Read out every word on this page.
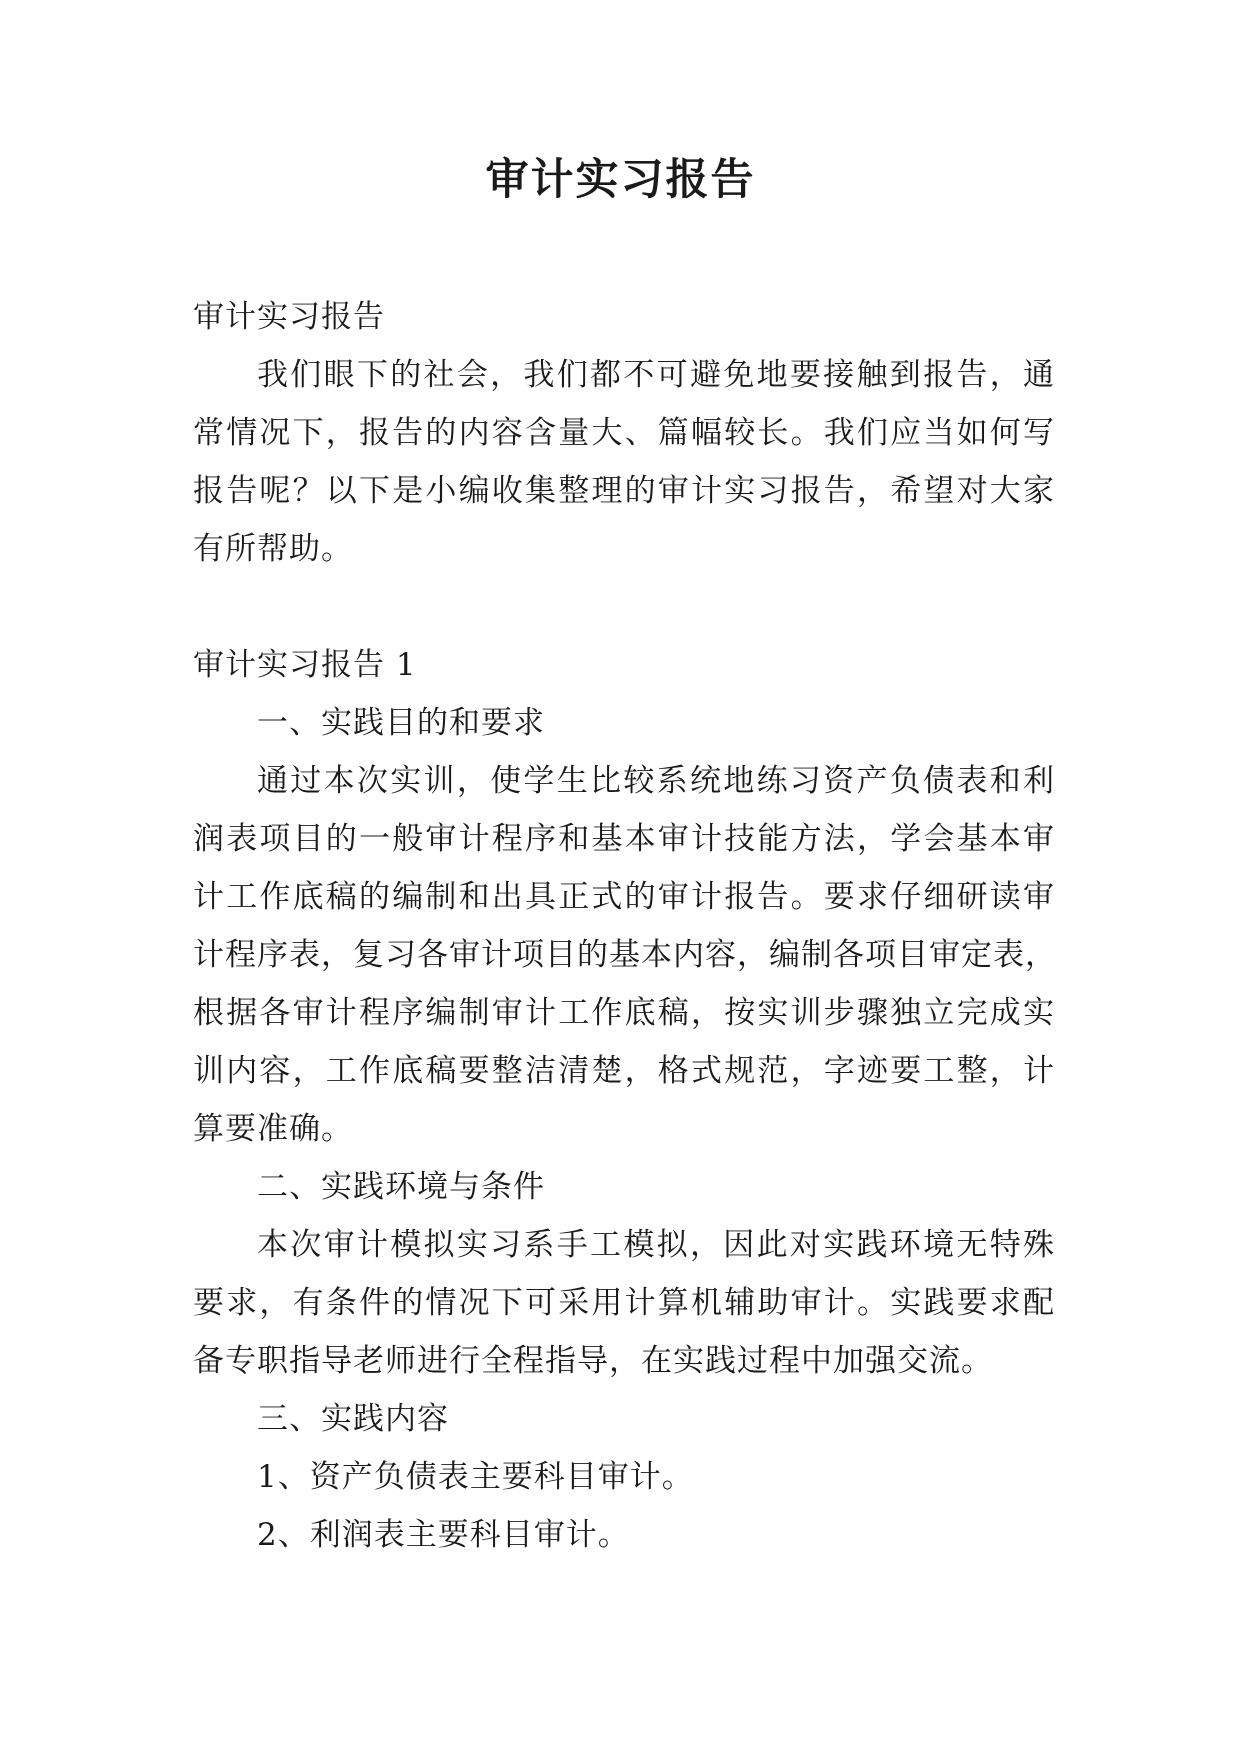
审计实习报告

审计实习报告

我们眼下的社会，我们都不可避免地要接触到报告，通

常情况下，报告的内容含量大、篇幅较长。我们应当如何写

报告呢？以下是小编收集整理的审计实习报告，希望对大家

有所帮助。

审计实习报告 1

一、实践目的和要求

通过本次实训，使学生比较系统地练习资产负债表和利

润表项目的一般审计程序和基本审计技能方法，学会基本审

计工作底稿的编制和出具正式的审计报告。要求仔细研读审

计程序表，复习各审计项目的基本内容，编制各项目审定表，

根据各审计程序编制审计工作底稿，按实训步骤独立完成实

训内容，工作底稿要整洁清楚，格式规范，字迹要工整，计

算要准确。

二、实践环境与条件

本次审计模拟实习系手工模拟，因此对实践环境无特殊

要求，有条件的情况下可采用计算机辅助审计。实践要求配

备专职指导老师进行全程指导，在实践过程中加强交流。

三、实践内容

1、资产负债表主要科目审计。

2、利润表主要科目审计。
